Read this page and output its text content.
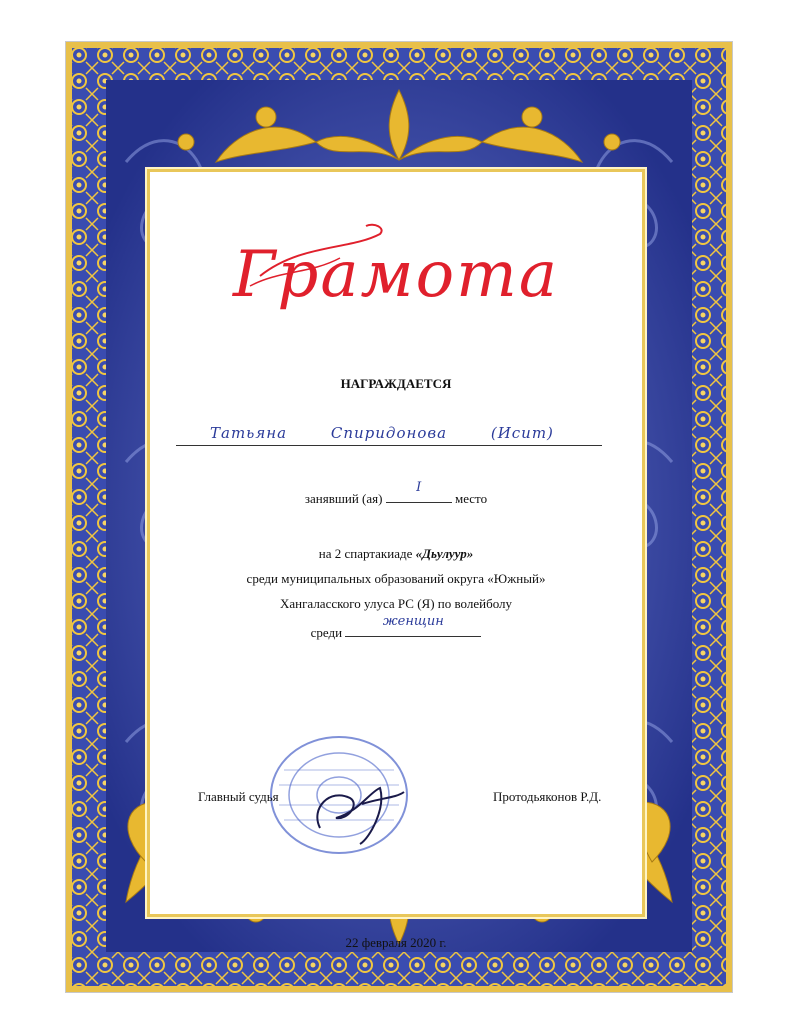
Грамота
НАГРАЖДАЕТСЯ
Татьяна	Спиридонова	(Исит)
занявший (ая)
I
место
на 2 спартакиаде «Дьулуур»
среди муниципальных образований округа «Южный»
Хангаласского улуса РС (Я) по волейболу
среди
женщин
Главный судья	Протодьяконов Р.Д.
22 февраля 2020 г.
